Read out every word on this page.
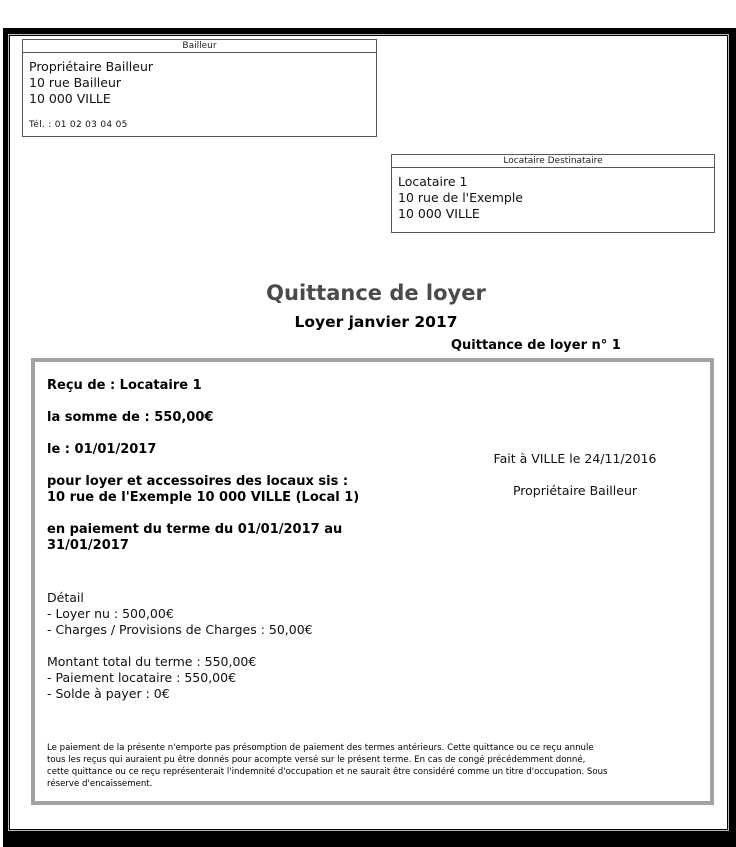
Bailleur
Propriétaire Bailleur
10 rue Bailleur
10 000 VILLE
Tél. : 01 02 03 04 05
Locataire Destinataire
Locataire 1
10 rue de l'Exemple
10 000 VILLE
Quittance de loyer
Loyer janvier 2017
Quittance de loyer n° 1
Reçu de : Locataire 1
la somme de : 550,00€
le : 01/01/2017
pour loyer et accessoires des locaux sis :
10 rue de l'Exemple 10 000 VILLE (Local 1)
en paiement du terme du 01/01/2017 au
31/01/2017
Fait à VILLE le 24/11/2016
Propriétaire Bailleur
Détail
- Loyer nu : 500,00€
- Charges / Provisions de Charges : 50,00€
Montant total du terme : 550,00€
- Paiement locataire : 550,00€
- Solde à payer : 0€
Le paiement de la présente n'emporte pas présomption de paiement des termes antérieurs. Cette quittance ou ce reçu annule
tous les reçus qui auraient pu être donnés pour acompte versé sur le présent terme. En cas de congé précédemment donné,
cette quittance ou ce reçu représenterait l'indemnité d'occupation et ne saurait être considéré comme un titre d'occupation. Sous
réserve d'encaissement.
